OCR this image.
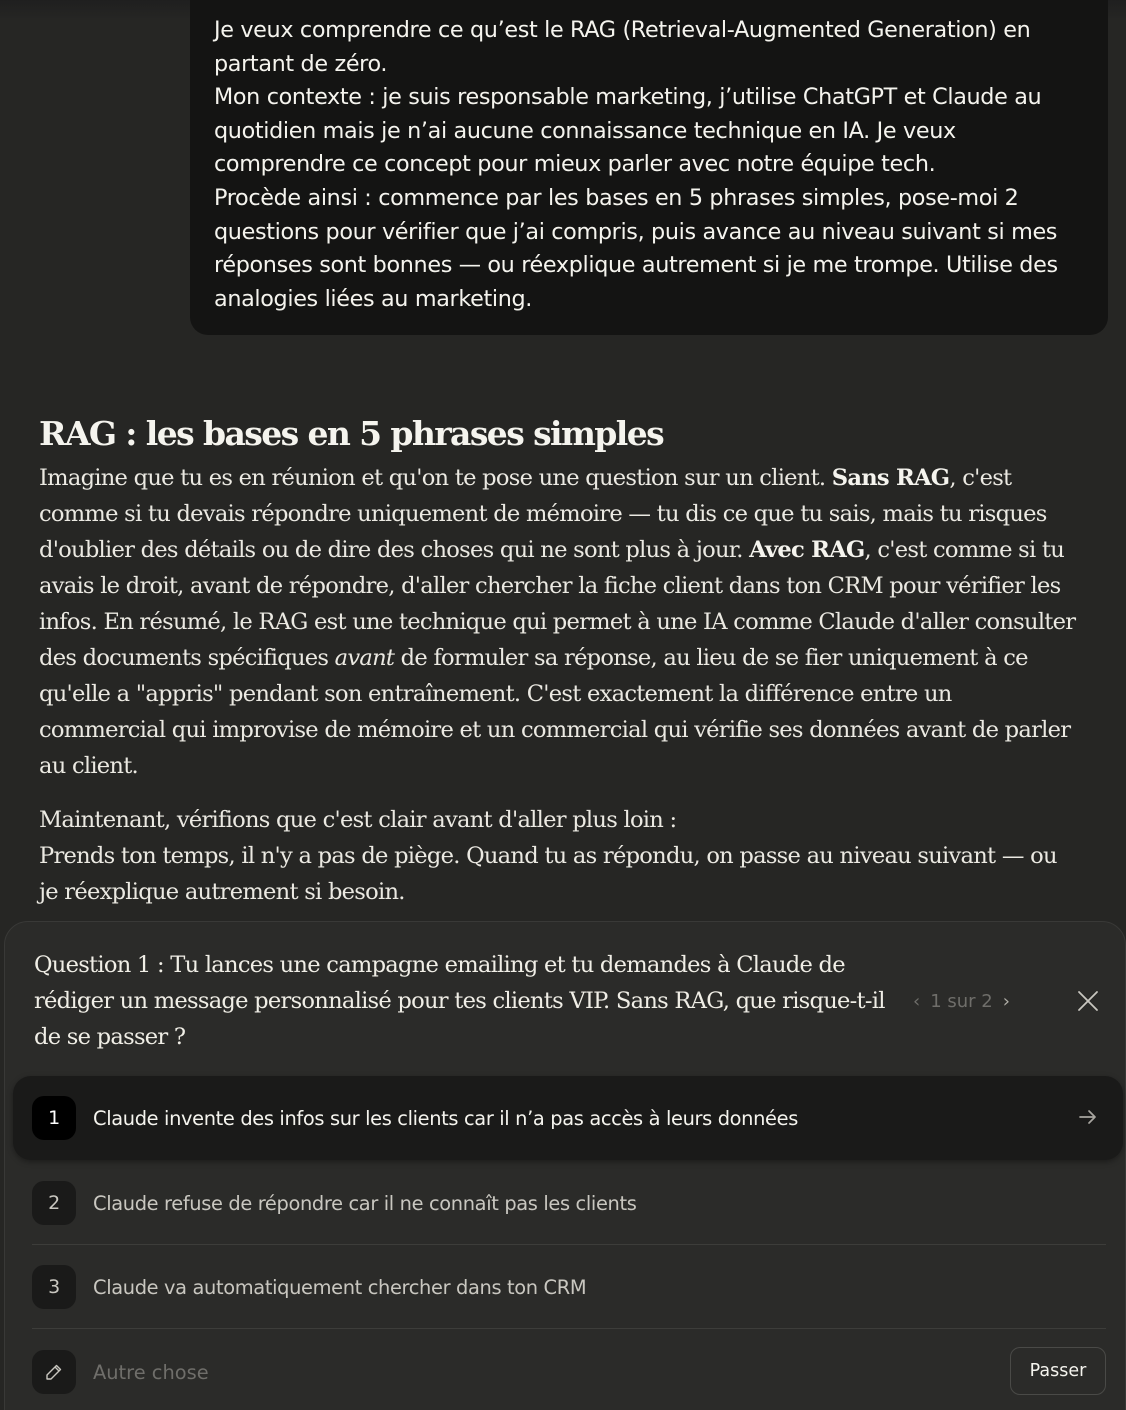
Je veux comprendre ce qu’est le RAG (Retrieval-Augmented Generation) en partant de zéro.

Mon contexte : je suis responsable marketing, j’utilise ChatGPT et Claude au quotidien mais je n’ai aucune connaissance technique en IA. Je veux comprendre ce concept pour mieux parler avec notre équipe tech.

Procède ainsi : commence par les bases en 5 phrases simples, pose-moi 2 questions pour vérifier que j’ai compris, puis avance au niveau suivant si mes réponses sont bonnes — ou réexplique autrement si je me trompe. Utilise des analogies liées au marketing.

RAG : les bases en 5 phrases simples

Imagine que tu es en réunion et qu'on te pose une question sur un client. Sans RAG, c'est comme si tu devais répondre uniquement de mémoire — tu dis ce que tu sais, mais tu risques d'oublier des détails ou de dire des choses qui ne sont plus à jour. Avec RAG, c'est comme si tu avais le droit, avant de répondre, d'aller chercher la fiche client dans ton CRM pour vérifier les infos. En résumé, le RAG est une technique qui permet à une IA comme Claude d'aller consulter des documents spécifiques avant de formuler sa réponse, au lieu de se fier uniquement à ce qu'elle a "appris" pendant son entraînement. C'est exactement la différence entre un commercial qui improvise de mémoire et un commercial qui vérifie ses données avant de parler au client.

Maintenant, vérifions que c'est clair avant d'aller plus loin :
Prends ton temps, il n'y a pas de piège. Quand tu as répondu, on passe au niveau suivant — ou je réexplique autrement si besoin.

Question 1 : Tu lances une campagne emailing et tu demandes à Claude de rédiger un message personnalisé pour tes clients VIP. Sans RAG, que risque-t-il de se passer ?
‹ 1 sur 2 ›
1	Claude invente des infos sur les clients car il n’a pas accès à leurs données
2	Claude refuse de répondre car il ne connaît pas les clients
3	Claude va automatiquement chercher dans ton CRM
Autre chose
Passer
